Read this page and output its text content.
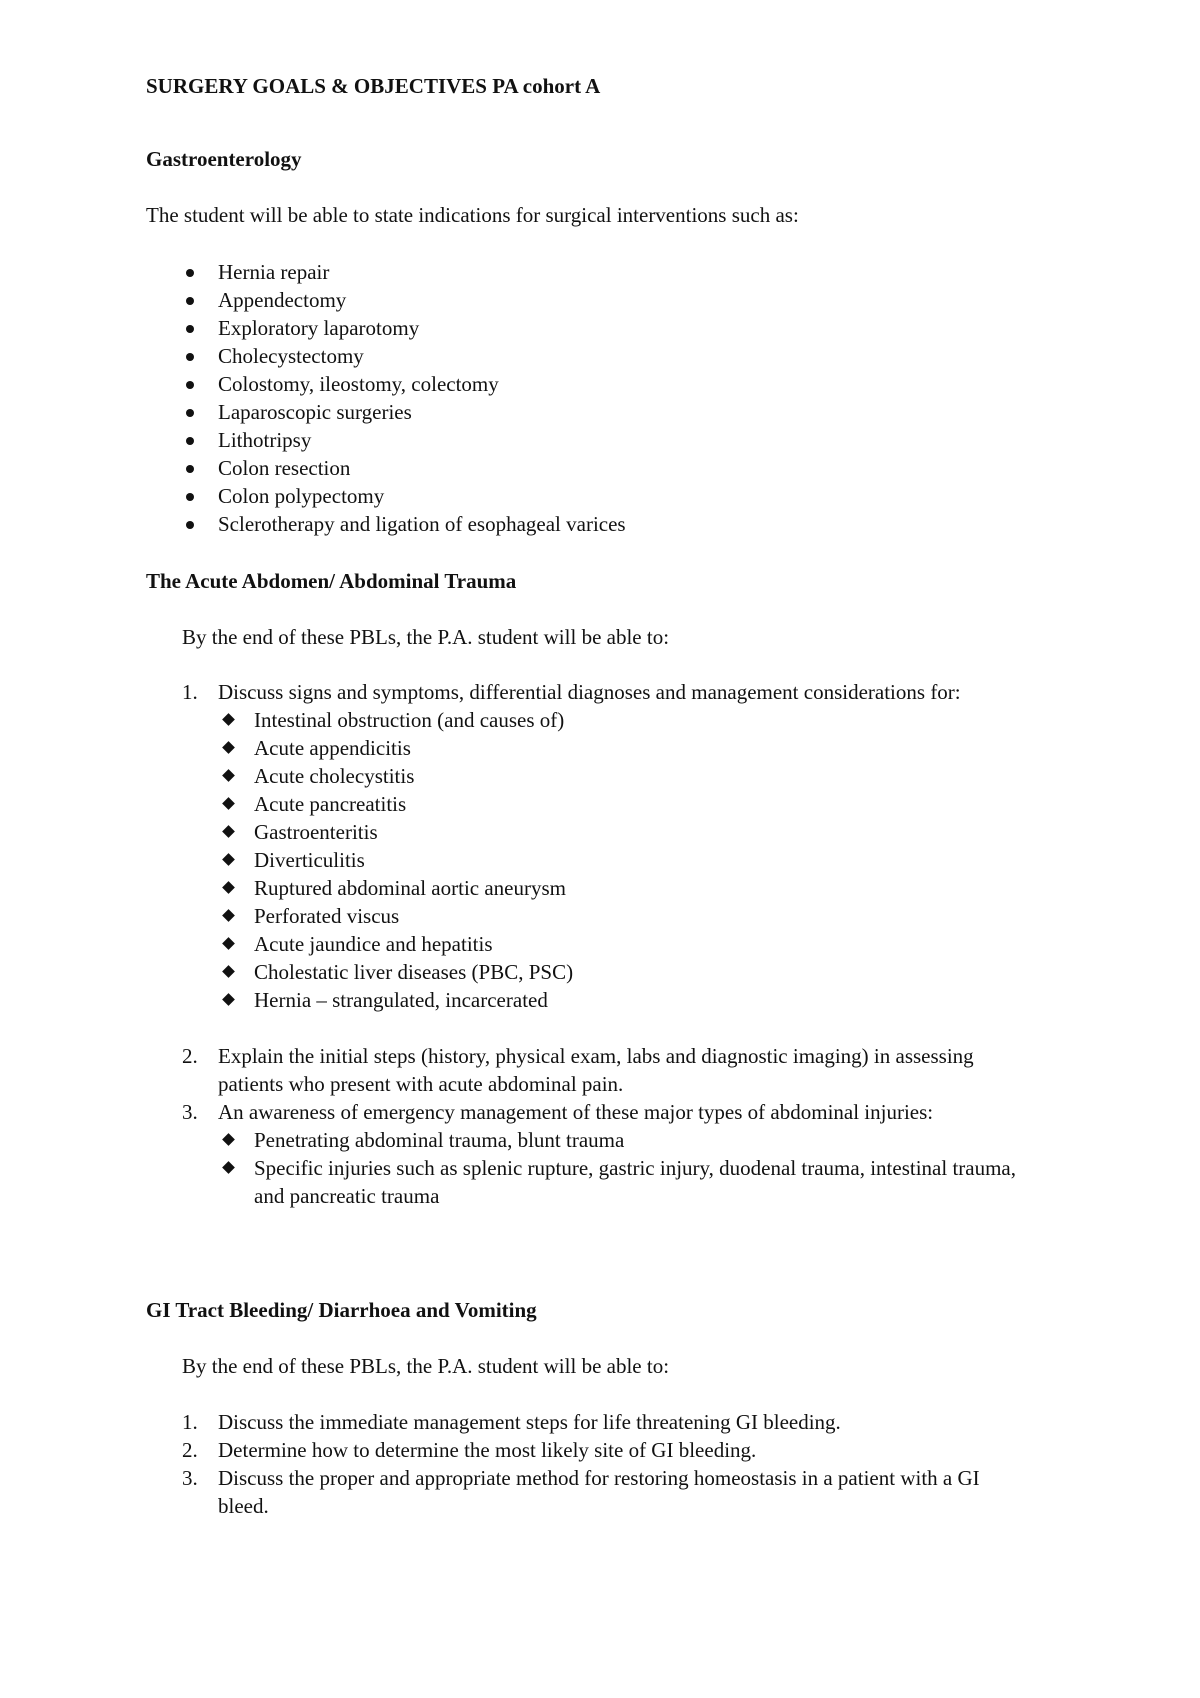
SURGERY GOALS & OBJECTIVES PA cohort A
Gastroenterology
The student will be able to state indications for surgical interventions such as:
Hernia repair
Appendectomy
Exploratory laparotomy
Cholecystectomy
Colostomy, ileostomy, colectomy
Laparoscopic surgeries
Lithotripsy
Colon resection
Colon polypectomy
Sclerotherapy and ligation of esophageal varices
The Acute Abdomen/ Abdominal Trauma
By the end of these PBLs, the P.A. student will be able to:
1. Discuss signs and symptoms, differential diagnoses and management considerations for:
Intestinal obstruction (and causes of)
Acute appendicitis
Acute cholecystitis
Acute pancreatitis
Gastroenteritis
Diverticulitis
Ruptured abdominal aortic aneurysm
Perforated viscus
Acute jaundice and hepatitis
Cholestatic liver diseases (PBC, PSC)
Hernia – strangulated, incarcerated
2. Explain the initial steps (history, physical exam, labs and diagnostic imaging) in assessing patients who present with acute abdominal pain.
3. An awareness of emergency management of these major types of abdominal injuries:
Penetrating abdominal trauma, blunt trauma
Specific injuries such as splenic rupture, gastric injury, duodenal trauma, intestinal trauma, and pancreatic trauma
GI Tract Bleeding/ Diarrhoea and Vomiting
By the end of these PBLs, the P.A. student will be able to:
1. Discuss the immediate management steps for life threatening GI bleeding.
2. Determine how to determine the most likely site of GI bleeding.
3. Discuss the proper and appropriate method for restoring homeostasis in a patient with a GI bleed.
